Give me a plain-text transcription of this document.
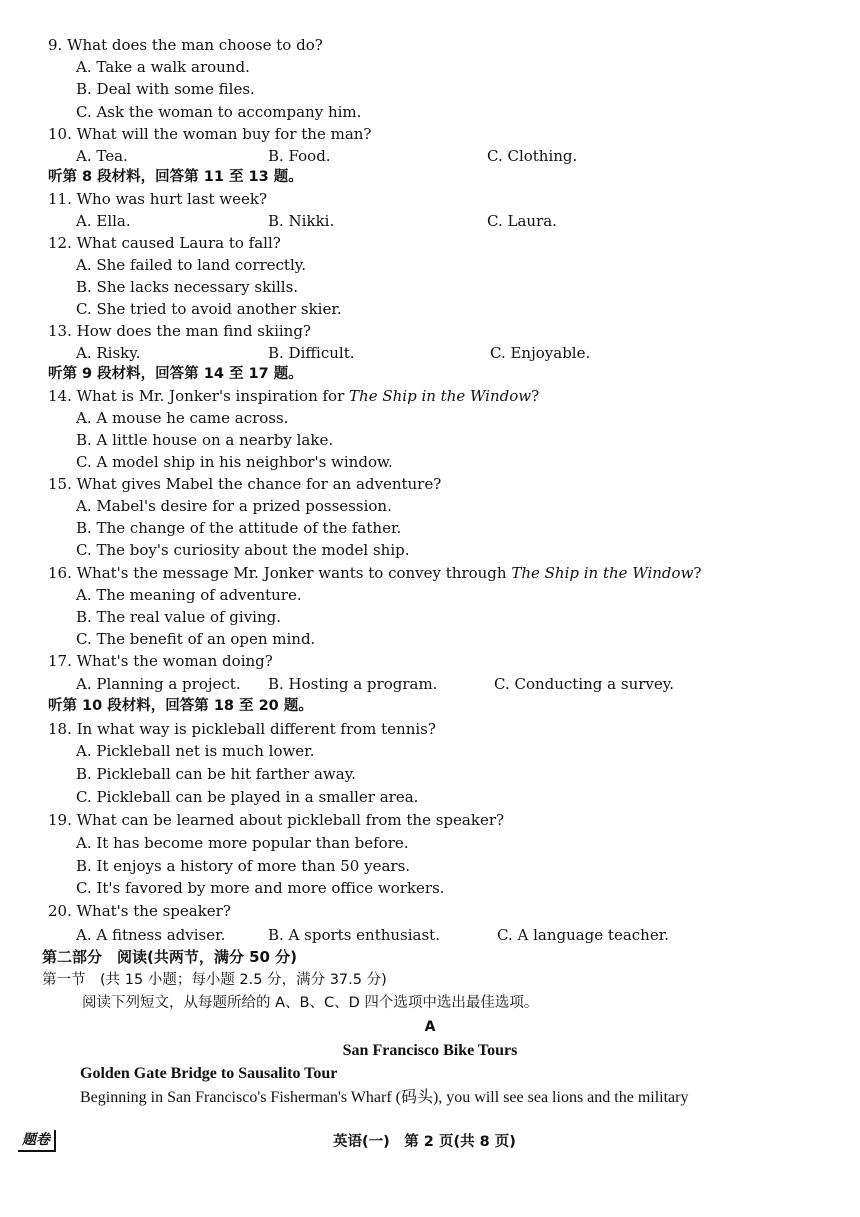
9. What does the man choose to do?
A. Take a walk around.
B. Deal with some files.
C. Ask the woman to accompany him.
10. What will the woman buy for the man?
A. Tea.	B. Food.	C. Clothing.
听第 8 段材料，回答第 11 至 13 题。
11. Who was hurt last week?
A. Ella.	B. Nikki.	C. Laura.
12. What caused Laura to fall?
A. She failed to land correctly.
B. She lacks necessary skills.
C. She tried to avoid another skier.
13. How does the man find skiing?
A. Risky.	B. Difficult.	C. Enjoyable.
听第 9 段材料，回答第 14 至 17 题。
14. What is Mr. Jonker's inspiration for The Ship in the Window?
A. A mouse he came across.
B. A little house on a nearby lake.
C. A model ship in his neighbor's window.
15. What gives Mabel the chance for an adventure?
A. Mabel's desire for a prized possession.
B. The change of the attitude of the father.
C. The boy's curiosity about the model ship.
16. What's the message Mr. Jonker wants to convey through The Ship in the Window?
A. The meaning of adventure.
B. The real value of giving.
C. The benefit of an open mind.
17. What's the woman doing?
A. Planning a project. B. Hosting a program.	C. Conducting a survey.
听第 10 段材料，回答第 18 至 20 题。
18. In what way is pickleball different from tennis?
A. Pickleball net is much lower.
B. Pickleball can be hit farther away.
C. Pickleball can be played in a smaller area.
19. What can be learned about pickleball from the speaker?
A. It has become more popular than before.
B. It enjoys a history of more than 50 years.
C. It's favored by more and more office workers.
20. What's the speaker?
A. A fitness adviser.	B. A sports enthusiast.	C. A language teacher.
第二部分　阅读(共两节，满分 50 分)
第一节　(共 15 小题；每小题 2.5 分，满分 37.5 分)
阅读下列短文，从每题所给的 A、B、C、D 四个选项中选出最佳选项。
A
San Francisco Bike Tours
Golden Gate Bridge to Sausalito Tour
Beginning in San Francisco's Fisherman's Wharf (码头), you will see sea lions and the military
题卷	英语(一)　第 2 页(共 8 页)
